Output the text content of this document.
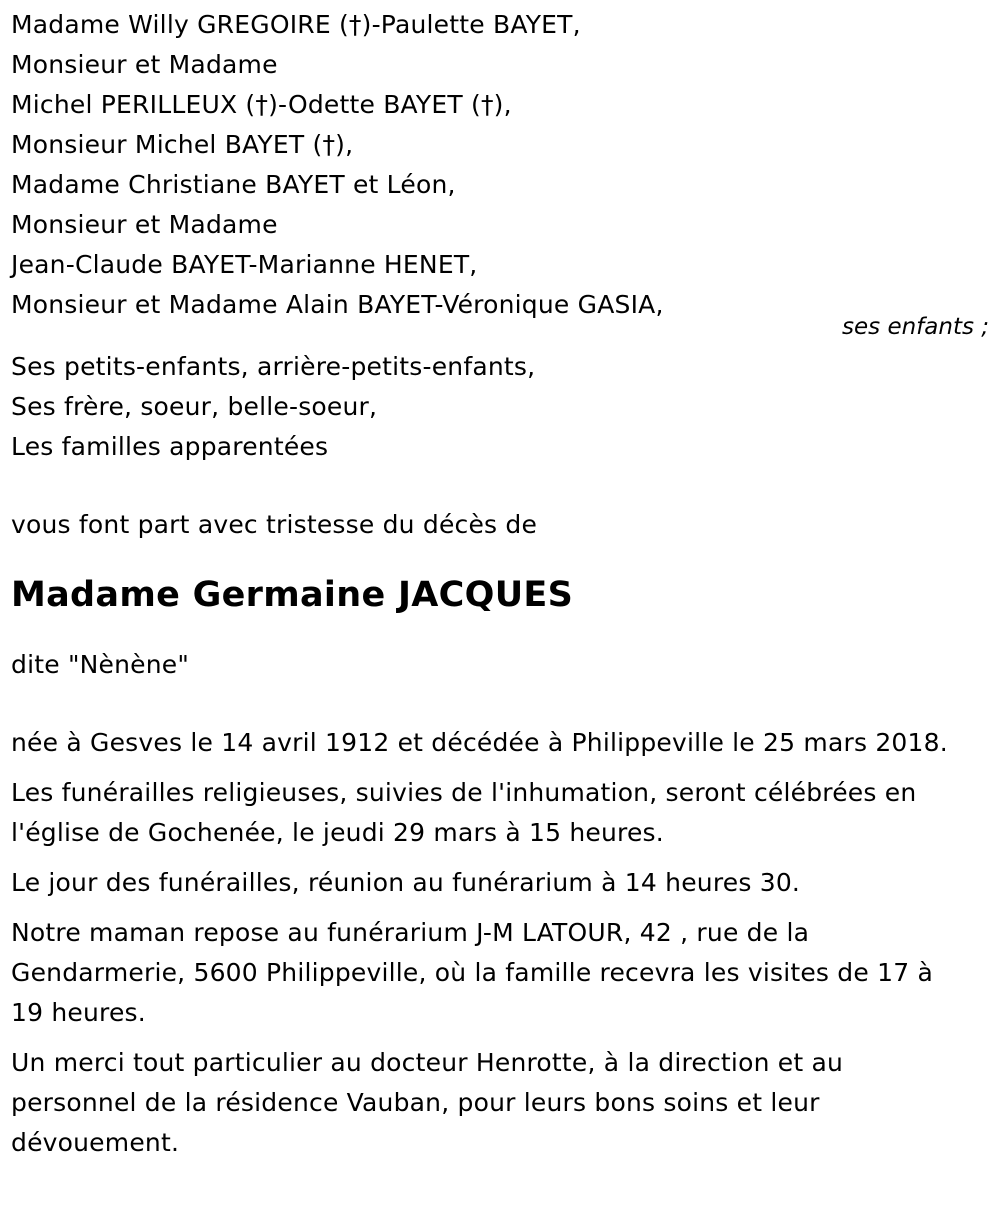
Madame Willy GREGOIRE (†)-Paulette BAYET,
Monsieur et Madame
Michel PERILLEUX (†)-Odette BAYET (†),
Monsieur Michel BAYET (†),
Madame Christiane BAYET et Léon,
Monsieur et Madame
Jean-Claude BAYET-Marianne HENET,
Monsieur et Madame Alain BAYET-Véronique GASIA,
ses enfants ;
Ses petits-enfants, arrière-petits-enfants,
Ses frère, soeur, belle-soeur,
Les familles apparentées
vous font part avec tristesse du décès de
Madame Germaine JACQUES
dite "Nènène"

née à Gesves le 14 avril 1912 et décédée à Philippeville le 25 mars 2018.

Les funérailles religieuses, suivies de l'inhumation, seront célébrées en l'église de Gochenée, le jeudi 29 mars à 15 heures.

Le jour des funérailles, réunion au funérarium à 14 heures 30.

Notre maman repose au funérarium J-M LATOUR, 42 , rue de la Gendarmerie, 5600 Philippeville, où la famille recevra les visites de 17 à 19 heures.

Un merci tout particulier au docteur Henrotte, à la direction et au personnel de la résidence Vauban, pour leurs bons soins et leur dévouement.
